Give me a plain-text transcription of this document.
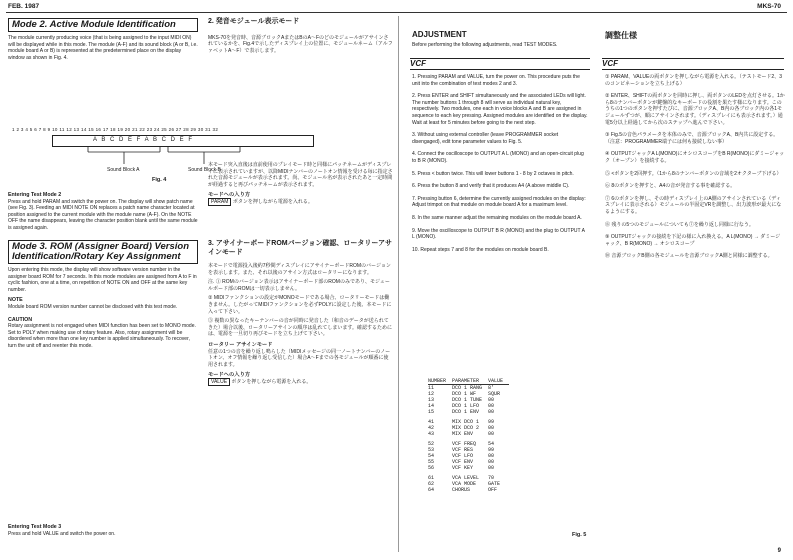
FEB. 1987	MKS-70
Mode 2. Active Module Identification

The module currently producing voice (that is being assigned to the input MIDI ON) will be displayed while in this mode. The module (A-F) and its sound block (A or B, i.e. module board A or B) is represented at the predetermined place on the display window as shown in Fig. 4.

2. 発音モジュール表示モード

MKS-70を発音時、音源ブロックAまたはBのA～Fのどのモジュールがアサインされているかを、Fig.4で示したディスプレイ上の位置に、モジュールネーム（アルファベットA～F）で表示します。

1 2 3 4 5 6 7 8 9 10 11 12 13 14 15 16 17 18 19 20 21 22 23 24 25 26 27 28 29 30 31 32
A B C D E F A B C D E F
Sound Block A	Sound Block B
Fig. 4
Entering Test Mode 2

Press and hold PARAM and switch the power on. The display will show patch name (see Fig. 3). Feeding an MIDI NOTE ON replaces a patch name character located at position assigned to the current module with the module name (A-F). On the NOTE OFF the name disappears, leaving the character position blank until the same module is assigned again.

本モード突入直後は直前使用のプレイモード時と同様にパッチネームがディスプレイに表示されていますが、以降MIDIナンバーのノートオン情報を受ける毎に指定された音源モジュールが表示されます。尚、モジュール名が表示されたあと一定時間が経過すると再びパッチネームが表示されます。

モードへの入り方

PARAM ボタンを押しながら電源を入れる。

Mode 3. ROM (Assigner Board) Version Identification/Rotary Key Assignment

Upon entering this mode, the display will show software version number in the assigner board ROM for 7 seconds. In this mode modules are assigned from A to F in cyclic fashion, one at a time, on repetition of NOTE ON and OFF at the same key number.

NOTE

Module board ROM version number cannot be disclosed with this test mode.

CAUTION

Rotary assignment is not engaged when MIDI function has been set to MONO mode. Set to POLY when making use of rotary feature. Also, rotary assignment will be disordered when more than one key number is applied simultaneously. To recover, turn the unit off and reenter this mode.

3. アサイナーボードROMバージョン確認、ロータリーアサインモード

本モードで電源投入後約7秒間ディスプレイにアサイナーボードROMのバージョンを表示します。また、それ以後のアサイン方式はロータリーになります。

注. ① ROMのバージョン表示はアサイナーボード部のROMのみであり、モジュールボード部のROMは一切表示しません。

② MIDIファンクションの設定がMONOモードである場合、ロータリーモードは働きません。したがってMIDIファンクションを必ずPOLYに設定した後、本モードに入って下さい。

③ 複数の異なったキーナンバーの音が同時に発音した（和音のデータが送られてきた）場合以後、ロータリーアサインの順序は乱れてしまいます。確認するためには、電源を一旦切り再びモードを立ち上げて下さい。

ロータリー アサインモード

任意の1つの音を繰り返し鳴らした（MIDIメッセージの同一ノートナンバーのノートオン、オフ情報を繰り返し受信した）場合A～Fまでの各モジュールが順番に使用されます。

モードへの入り方

VALUE ボタンを押しながら電源を入れる。

Entering Test Mode 3

Press and hold VALUE and switch the power on.

ADJUSTMENT	調整仕様

Before performing the following adjustments, read TEST MODES.

VCF	VCF

1. Pressing PARAM and VALUE, turn the power on. This procedure puts the unit into the combination of test modes 2 and 3.

2. Press ENTER and SHIFT simultaneously and the associated LEDs will light. The number buttons 1 through 8 will serve as individual natural key, respectively. Two modules, one each in voice blocks A and B are assigned in sequence to each key pressing. Assigned modules are identified on the display. Wait at least for 5 minutes before going to the next step.

3. Without using external controller (leave PROGRAMMER socket disengaged), edit tone parameter values to Fig. 5.

4. Connect the oscilloscope to OUTPUT A L (MONO) and an open-circuit plug to B R (MONO).

5. Press < button twice. This will lower buttons 1 - 8 by 2 octaves in pitch.

6. Press the button 8 and verify that it produces A4 (A above middle C).

7. Pressing button 6, determine the currently assigned modules on the display: Adjust trimpot on that module on module board A for a maximum level.

8. In the same manner adjust the remaining modules on the module board A.

9. Move the oscilloscope to OUTPUT B R (MONO) and the plug to OUTPUT A L (MONO).

10. Repeat steps 7 and 8 for the modules on module board B.

① PARAM、VALUEの両ボタンを押しながら電源を入れる。（テストモード2、3のコンビネーションを立ち上げる）

② ENTER、SHIFTの両ボタンを同時に押し、両ボタンのLEDを点灯させる。1から8のナンバーボタンが鍵盤的なキーボードの役割を果たす様になります。このうちの1つのボタンを押すたびに、音源ブロックA、B内の各ブロック内の各1モジュールずつが、順にアサインされます。（ディスプレイにも表示されます。）通電5分以上経過してから次のステップへ進んで下さい。

③ Fig.5の音色パラメータを本体のみで、音源ブロックA、B内共に設定する。（注意：PROGRAMMER端子には何も接続しない事）

④ OUTPUTジャックA L(MONO)にオシロスコープをB R(MONO)にダミージャック（オープン）を接続する。

⑤ <ボタンを2回押す。（1から8のナンバーボタンの音域を2オクターブ下げる）

⑥ 8のボタンを押すと、A4の音が発音する事を確認する。

⑦ 6のボタンを押し、その時ディスプレイ上のA側のアサインされている（ディスプレイに表示される）モジュールの半固定VRを調整し、出力波形が最大になるようにする。

⑧ 残りの5つのモジュールについても⑦を繰り返し同様に行なう。

⑨ OUTPUTジャックの接続を下記の様に入れ換える。A L(MONO) → ダミージャック、B R(MONO) → オシロスコープ

⑩ 音源ブロックB側の各モジュールを音源ブロックA側と同様に調整する。

NUMBER	PARAMETER	VALUE
11	DCO 1 RANG	8'
12	DCO 1 WF	SQUR
13	DCO 1 TUNE	00
14	DCO 1 LFO	00
15	DCO 1 ENV	00

41	MIX DCO 1	99
42	MIX DCO 2	00
43	MIX ENV	00

52	VCF FREQ	54
53	VCF RES	99
54	VCF LFO	00
55	VCF ENV	00
56	VCF KEY	00

61	VCA LEVEL	70
62	VCA MODE	GATE
64	CHORUS	OFF
Fig. 5
9
